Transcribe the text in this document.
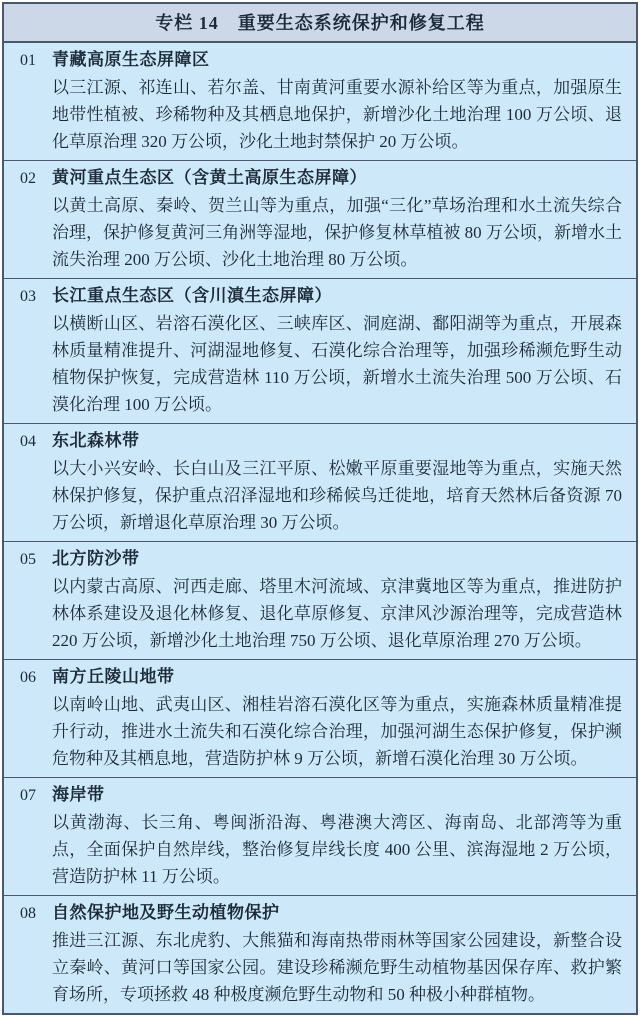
专栏 14　重要生态系统保护和修复工程
01 青藏高原生态屏障区

以三江源、祁连山、若尔盖、甘南黄河重要水源补给区等为重点，加强原生地带性植被、珍稀物种及其栖息地保护，新增沙化土地治理 100 万公顷、退化草原治理 320 万公顷，沙化土地封禁保护 20 万公顷。

02 黄河重点生态区（含黄土高原生态屏障）

以黄土高原、秦岭、贺兰山等为重点，加强“三化”草场治理和水土流失综合治理，保护修复黄河三角洲等湿地，保护修复林草植被 80 万公顷，新增水土流失治理 200 万公顷、沙化土地治理 80 万公顷。

03 长江重点生态区（含川滇生态屏障）

以横断山区、岩溶石漠化区、三峡库区、洞庭湖、鄱阳湖等为重点，开展森林质量精准提升、河湖湿地修复、石漠化综合治理等，加强珍稀濒危野生动植物保护恢复，完成营造林 110 万公顷，新增水土流失治理 500 万公顷、石漠化治理 100 万公顷。

04 东北森林带

以大小兴安岭、长白山及三江平原、松嫩平原重要湿地等为重点，实施天然林保护修复，保护重点沼泽湿地和珍稀候鸟迁徙地，培育天然林后备资源 70 万公顷，新增退化草原治理 30 万公顷。

05 北方防沙带

以内蒙古高原、河西走廊、塔里木河流域、京津冀地区等为重点，推进防护林体系建设及退化林修复、退化草原修复、京津风沙源治理等，完成营造林 220 万公顷，新增沙化土地治理 750 万公顷、退化草原治理 270 万公顷。

06 南方丘陵山地带

以南岭山地、武夷山区、湘桂岩溶石漠化区等为重点，实施森林质量精准提升行动，推进水土流失和石漠化综合治理，加强河湖生态保护修复，保护濒危物种及其栖息地，营造防护林 9 万公顷，新增石漠化治理 30 万公顷。

07 海岸带

以黄渤海、长三角、粤闽浙沿海、粤港澳大湾区、海南岛、北部湾等为重点，全面保护自然岸线，整治修复岸线长度 400 公里、滨海湿地 2 万公顷，营造防护林 11 万公顷。

08 自然保护地及野生动植物保护

推进三江源、东北虎豹、大熊猫和海南热带雨林等国家公园建设，新整合设立秦岭、黄河口等国家公园。建设珍稀濒危野生动植物基因保存库、救护繁育场所，专项拯救 48 种极度濒危野生动物和 50 种极小种群植物。
